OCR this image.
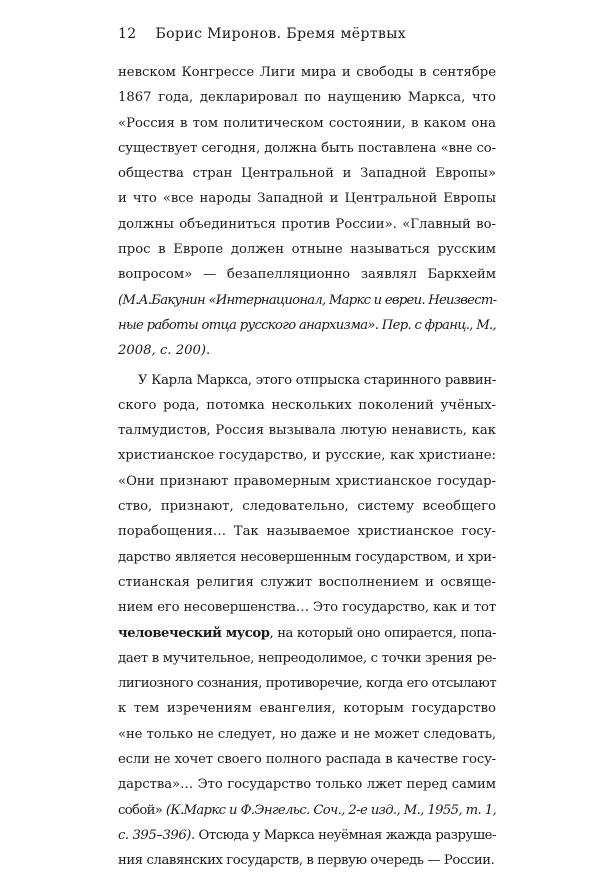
12 Борис Миронов. Бремя мёртвых
невском Конгрессе Лиги мира и свободы в сентябре
1867 года, декларировал по наущению Маркса, что
«Россия в том политическом состоянии, в каком она
существует сегодня, должна быть поставлена «вне со-
общества стран Центральной и Западной Европы»
и что «все народы Западной и Центральной Европы
должны объединиться против России». «Главный во-
прос в Европе должен отныне называться русским
вопросом» — безапелляционно заявлял Баркхейм
(М.А.Бакунин «Интернационал, Маркс и евреи. Неизвест-
ные работы отца русского анархизма». Пер. с франц., М.,
2008, с. 200).
У Карла Маркса, этого отпрыска старинного раввин-
ского рода, потомка нескольких поколений учёных-
талмудистов, Россия вызывала лютую ненависть, как
христианское государство, и русские, как христиане:
«Они признают правомерным христианское государ-
ство, признают, следовательно, систему всеобщего
порабощения… Так называемое христианское госу-
дарство является несовершенным государством, и хри-
стианская религия служит восполнением и освяще-
нием его несовершенства… Это государство, как и тот
человеческий мусор, на который оно опирается, попа-
дает в мучительное, непреодолимое, с точки зрения ре-
лигиозного сознания, противоречие, когда его отсылают
к тем изречениям евангелия, которым государство
«не только не следует, но даже и не может следовать,
если не хочет своего полного распада в качестве госу-
дарства»… Это государство только лжет перед самим
собой» (К.Маркс и Ф.Энгельс. Соч., 2-е изд., М., 1955, т. 1,
с. 395–396). Отсюда у Маркса неуёмная жажда разруше-
ния славянских государств, в первую очередь — России.
